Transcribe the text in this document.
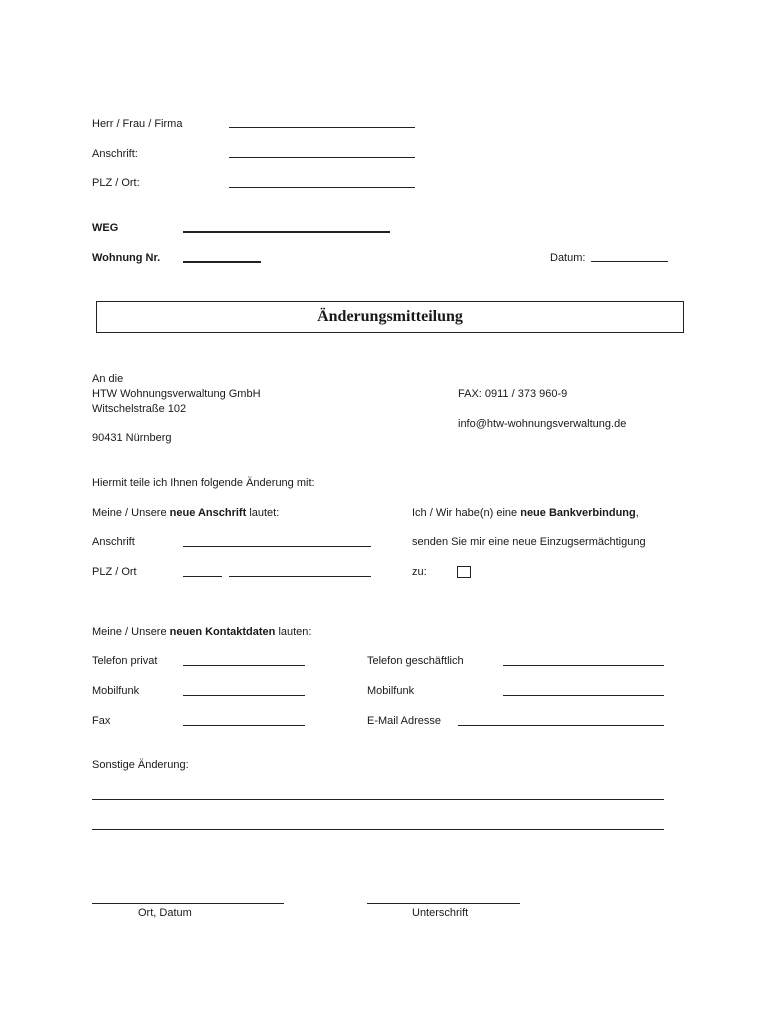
Herr / Frau / Firma
Anschrift:
PLZ / Ort:
WEG
Wohnung Nr.	Datum:
Änderungsmitteilung
An die
HTW Wohnungsverwaltung GmbH
Witschelstraße 102
90431 Nürnberg
FAX: 0911 / 373 960-9
info@htw-wohnungsverwaltung.de
Hiermit teile ich Ihnen folgende Änderung mit:
Meine / Unsere neue Anschrift lautet:
Anschrift
PLZ / Ort
Ich / Wir habe(n) eine neue Bankverbindung,
senden Sie mir eine neue Einzugsermächtigung
zu:
Meine / Unsere neuen Kontaktdaten lauten:
Telefon privat	Telefon geschäftlich
Mobilfunk	Mobilfunk
Fax	E-Mail Adresse
Sonstige Änderung:
Ort, Datum	Unterschrift
